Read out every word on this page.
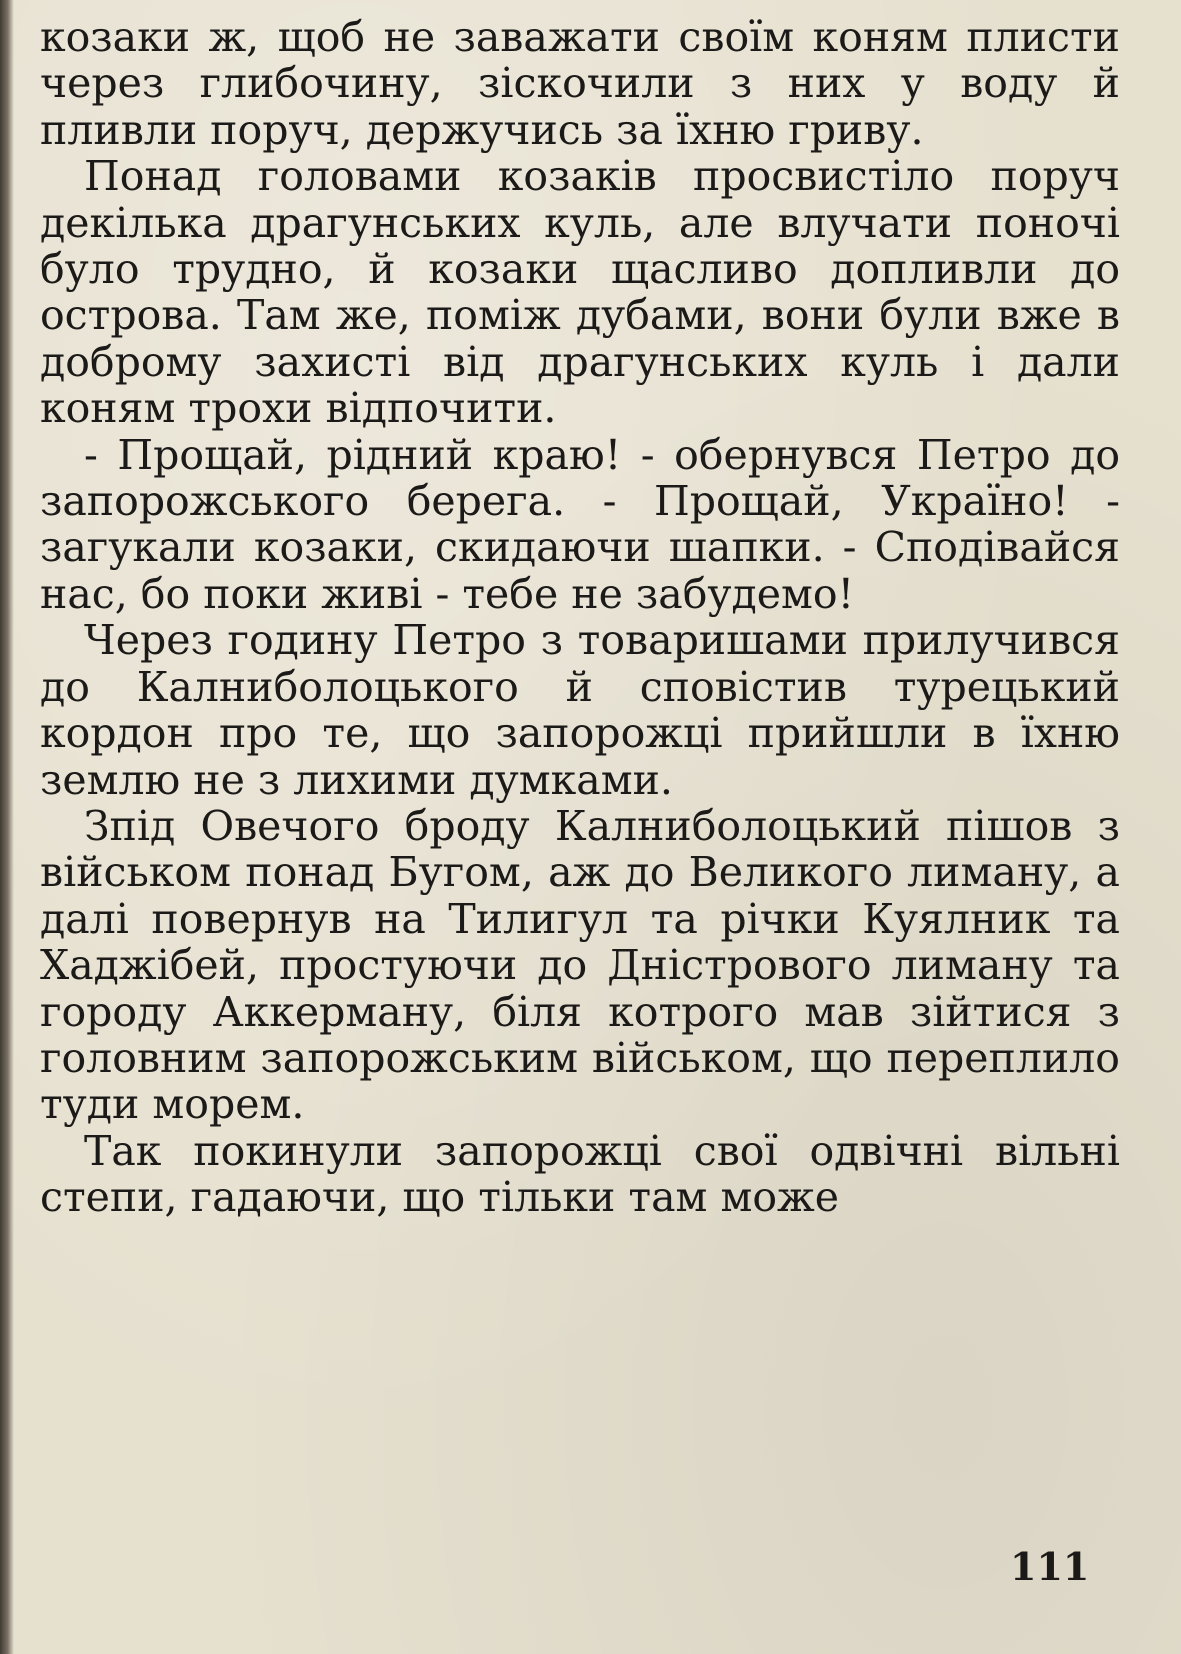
козаки ж, щоб не заважати своїм коням плисти через глибочину, зіскочили з них у воду й пливли поруч, держучись за їхню гриву.

Понад головами козаків просвистіло поруч декілька драгунських куль, але влучати поночі було трудно, й козаки щасливо допливли до острова. Там же, поміж дубами, вони були вже в доброму захисті від драгунських куль і дали коням трохи відпочити.

- Прощай, рідний краю! - обернувся Петро до запорожського берега. - Прощай, Україно! - загукали козаки, скидаючи шапки. - Сподівайся нас, бо поки живі - тебе не забудемо!

Через годину Петро з товаришами прилучився до Калниболоцького й сповістив турецький кордон про те, що запорожці прийшли в їхню землю не з лихими думками.

Зпід Овечого броду Калниболоцький пішов з військом понад Бугом, аж до Великого лиману, а далі повернув на Тилигул та річки Куялник та Хаджібей, простуючи до Дністрового лиману та городу Аккерману, біля котрого мав зійтися з головним запорожським військом, що переплило туди морем.

Так покинули запорожці свої одвічні вільні степи, гадаючи, що тільки там може

111
